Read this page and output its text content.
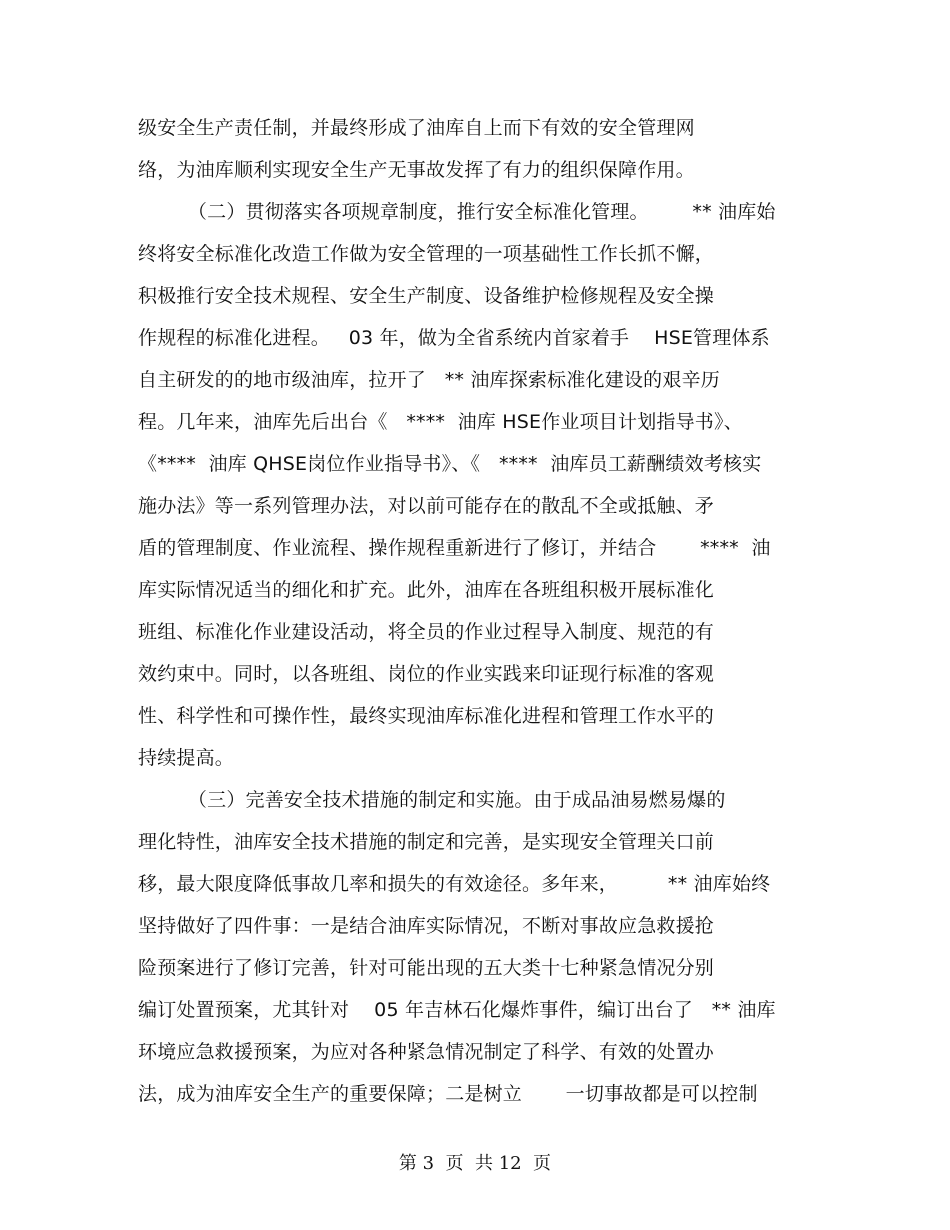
级安全生产责任制，并最终形成了油库自上而下有效的安全管理网
络，为油库顺利实现安全生产无事故发挥了有力的组织保障作用。
（二）贯彻落实各项规章制度，推行安全标准化管理。       ** 油库始
终将安全标准化改造工作做为安全管理的一项基础性工作长抓不懈，
积极推行安全技术规程、安全生产制度、设备维护检修规程及安全操
作规程的标准化进程。   03 年，做为全省系统内首家着手    HSE管理体系
自主研发的的地市级油库，拉开了   ** 油库探索标准化建设的艰辛历
程。几年来，油库先后出台《   ****  油库 HSE作业项目计划指导书》、
《****  油库 QHSE岗位作业指导书》、《   ****  油库员工薪酬绩效考核实
施办法》等一系列管理办法，对以前可能存在的散乱不全或抵触、矛
盾的管理制度、作业流程、操作规程重新进行了修订，并结合       ****  油
库实际情况适当的细化和扩充。此外，油库在各班组积极开展标准化
班组、标准化作业建设活动，将全员的作业过程导入制度、规范的有
效约束中。同时，以各班组、岗位的作业实践来印证现行标准的客观
性、科学性和可操作性，最终实现油库标准化进程和管理工作水平的
持续提高。
（三）完善安全技术措施的制定和实施。由于成品油易燃易爆的
理化特性，油库安全技术措施的制定和完善，是实现安全管理关口前
移，最大限度降低事故几率和损失的有效途径。多年来，        ** 油库始终
坚持做好了四件事：一是结合油库实际情况，不断对事故应急救援抢
险预案进行了修订完善，针对可能出现的五大类十七种紧急情况分别
编订处置预案，尤其针对    05 年吉林石化爆炸事件，编订出台了   ** 油库
环境应急救援预案，为应对各种紧急情况制定了科学、有效的处置办
法，成为油库安全生产的重要保障；二是树立       一切事故都是可以控制
第 3  页  共 12  页
